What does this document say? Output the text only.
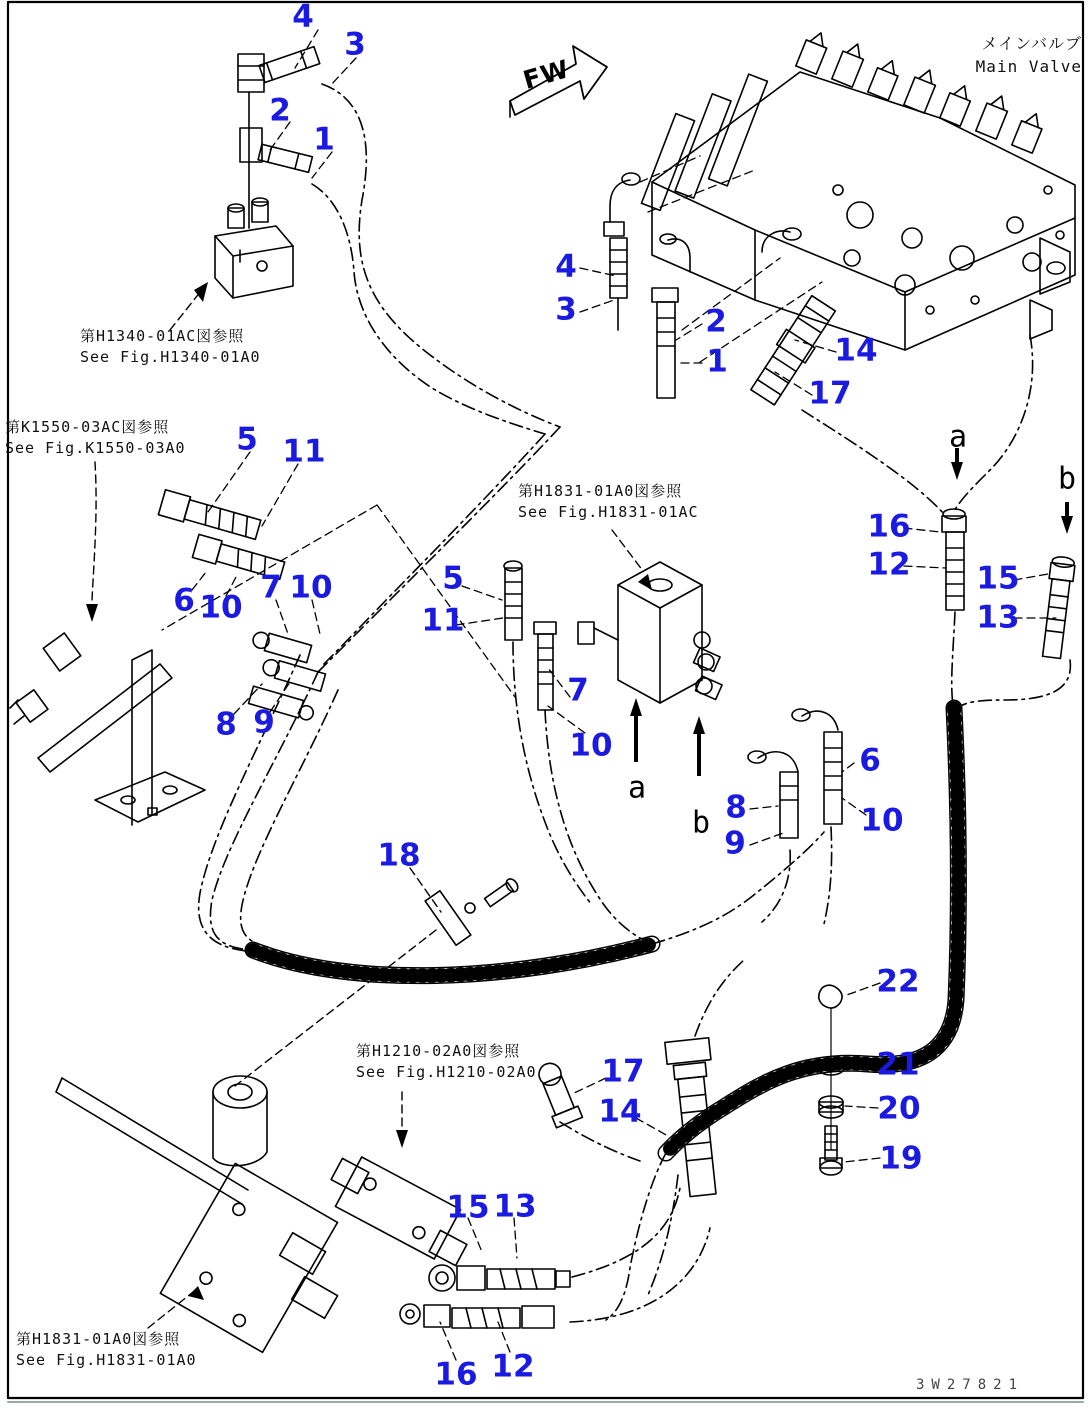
メインバルブ
Main Valve
FW
3W27821
4
3
2
1
4
3	2
1	14
17
5 11
6 10
7 10
8 9
5
11
7
10
8
9
6
10
16
12 15
13
18
22
21
20
19
17
14
15 13
16 12
第H1340-01AC図参照
See Fig.H1340-01A0
第K1550-03AC図参照
See Fig.K1550-03A0
第H1831-01A0図参照
See Fig.H1831-01AC
第H1210-02A0図参照
See Fig.H1210-02A0
第H1831-01A0図参照
See Fig.H1831-01A0
a
b
a
b
